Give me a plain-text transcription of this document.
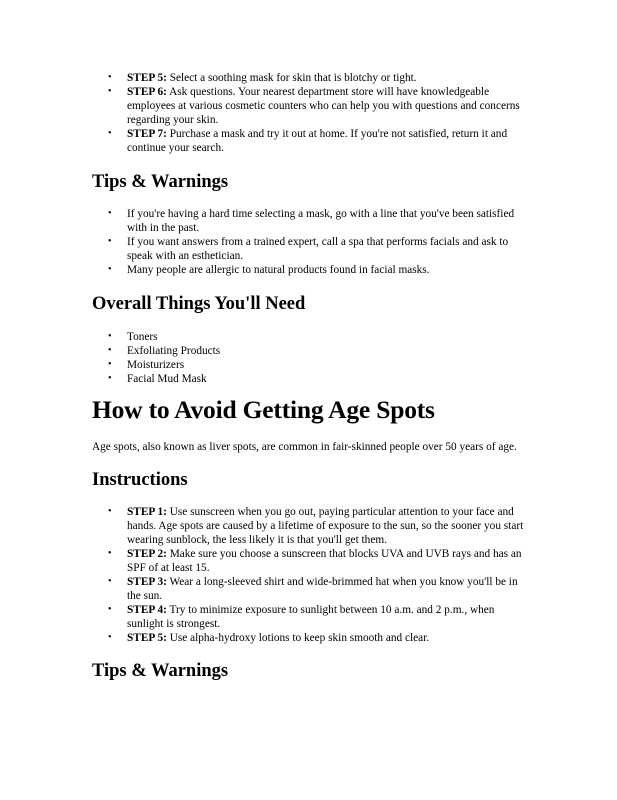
• STEP 5: Select a soothing mask for skin that is blotchy or tight.
• STEP 6: Ask questions. Your nearest department store will have knowledgeable employees at various cosmetic counters who can help you with questions and concerns regarding your skin.
• STEP 7: Purchase a mask and try it out at home. If you're not satisfied, return it and continue your search.
Tips & Warnings
• If you're having a hard time selecting a mask, go with a line that you've been satisfied with in the past.
• If you want answers from a trained expert, call a spa that performs facials and ask to speak with an esthetician.
• Many people are allergic to natural products found in facial masks.
Overall Things You'll Need
• Toners
• Exfoliating Products
• Moisturizers
• Facial Mud Mask
How to Avoid Getting Age Spots

Age spots, also known as liver spots, are common in fair-skinned people over 50 years of age.

Instructions
• STEP 1: Use sunscreen when you go out, paying particular attention to your face and hands. Age spots are caused by a lifetime of exposure to the sun, so the sooner you start wearing sunblock, the less likely it is that you'll get them.
• STEP 2: Make sure you choose a sunscreen that blocks UVA and UVB rays and has an SPF of at least 15.
• STEP 3: Wear a long-sleeved shirt and wide-brimmed hat when you know you'll be in the sun.
• STEP 4: Try to minimize exposure to sunlight between 10 a.m. and 2 p.m., when sunlight is strongest.
• STEP 5: Use alpha-hydroxy lotions to keep skin smooth and clear.
Tips & Warnings
